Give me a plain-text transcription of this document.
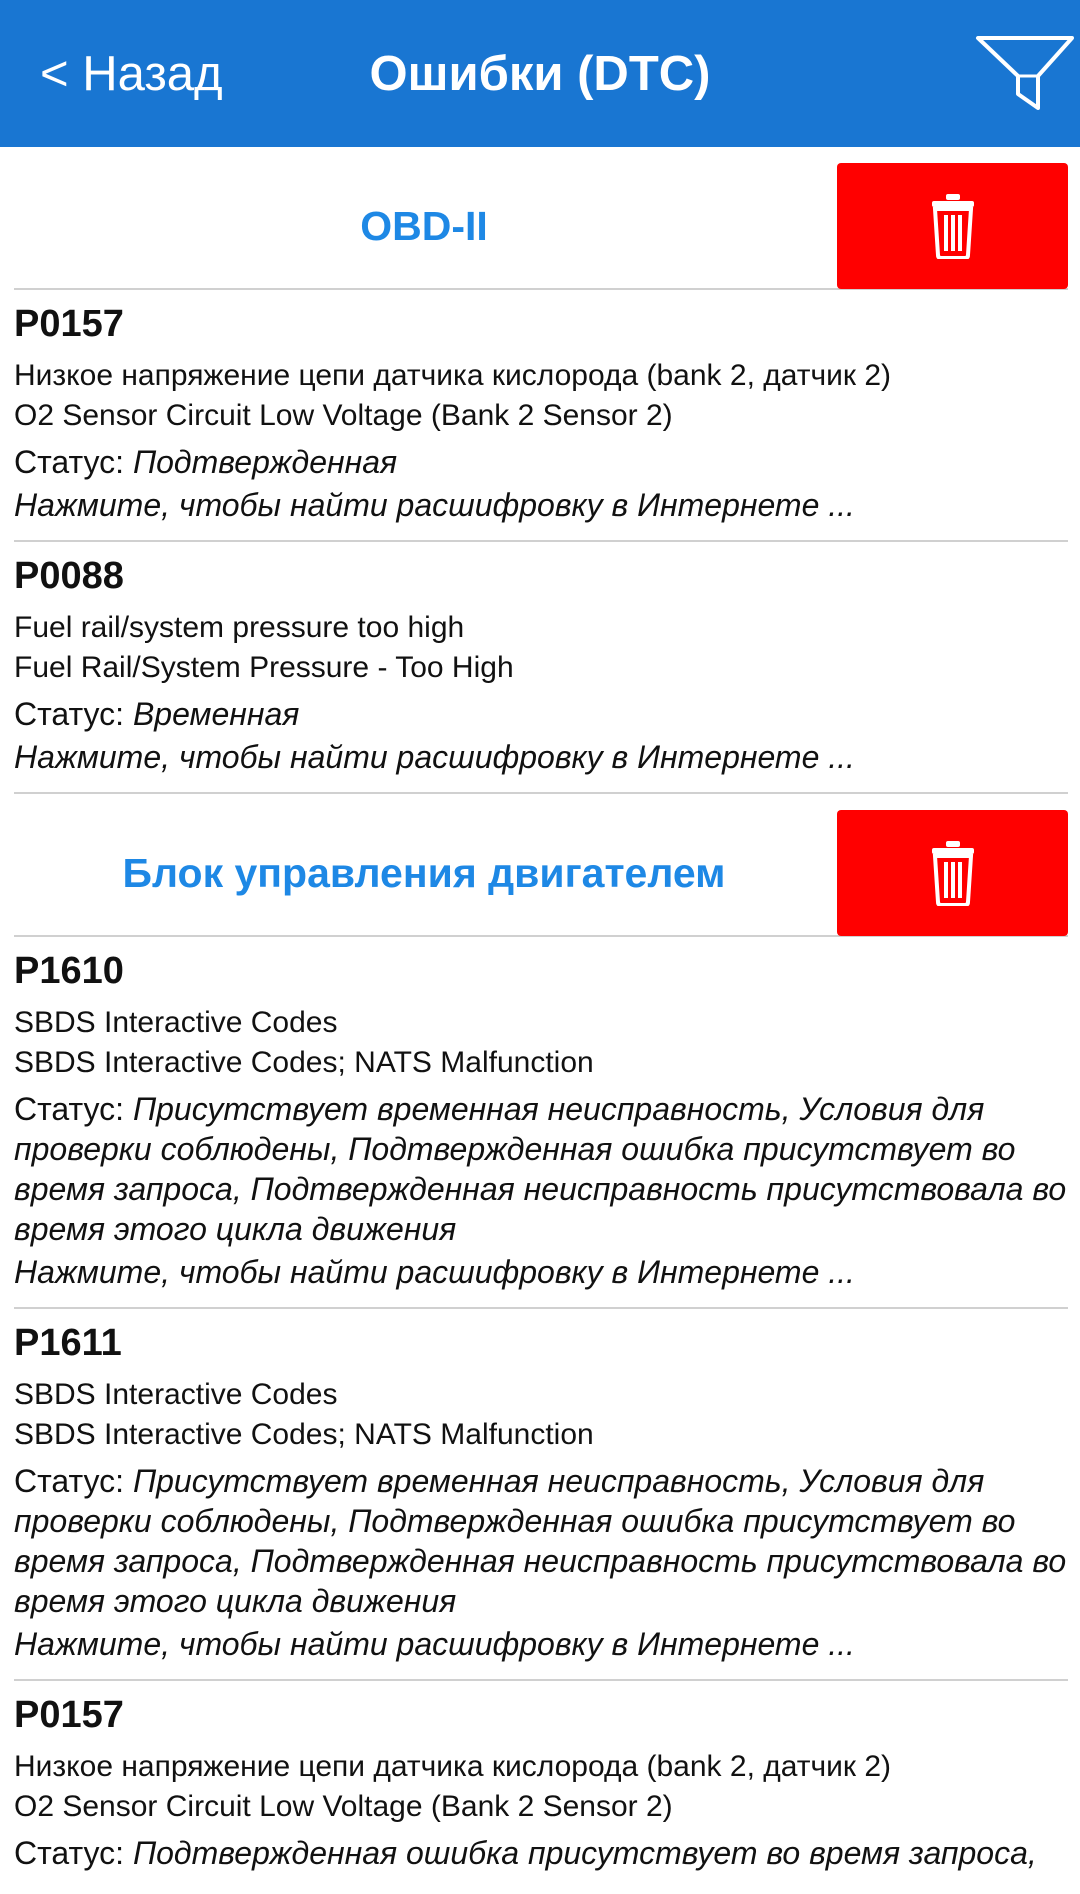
< Назад	Ошибки (DTC)
OBD-II
P0157
Низкое напряжение цепи датчика кислорода (bank 2, датчик 2)
O2 Sensor Circuit Low Voltage (Bank 2 Sensor 2)
Статус: Подтвержденная
Нажмите, чтобы найти расшифровку в Интернете ...
P0088
Fuel rail/system pressure too high
Fuel Rail/System Pressure - Too High
Статус: Временная
Нажмите, чтобы найти расшифровку в Интернете ...
Блок управления двигателем
P1610
SBDS Interactive Codes
SBDS Interactive Codes; NATS Malfunction
Статус: Присутствует временная неисправность, Условия для проверки соблюдены, Подтвержденная ошибка присутствует во время запроса, Подтвержденная неисправность присутствовала во время этого цикла движения
Нажмите, чтобы найти расшифровку в Интернете ...
P1611
SBDS Interactive Codes
SBDS Interactive Codes; NATS Malfunction
Статус: Присутствует временная неисправность, Условия для проверки соблюдены, Подтвержденная ошибка присутствует во время запроса, Подтвержденная неисправность присутствовала во время этого цикла движения
Нажмите, чтобы найти расшифровку в Интернете ...
P0157
Низкое напряжение цепи датчика кислорода (bank 2, датчик 2)
O2 Sensor Circuit Low Voltage (Bank 2 Sensor 2)
Статус: Подтвержденная ошибка присутствует во время запроса,
